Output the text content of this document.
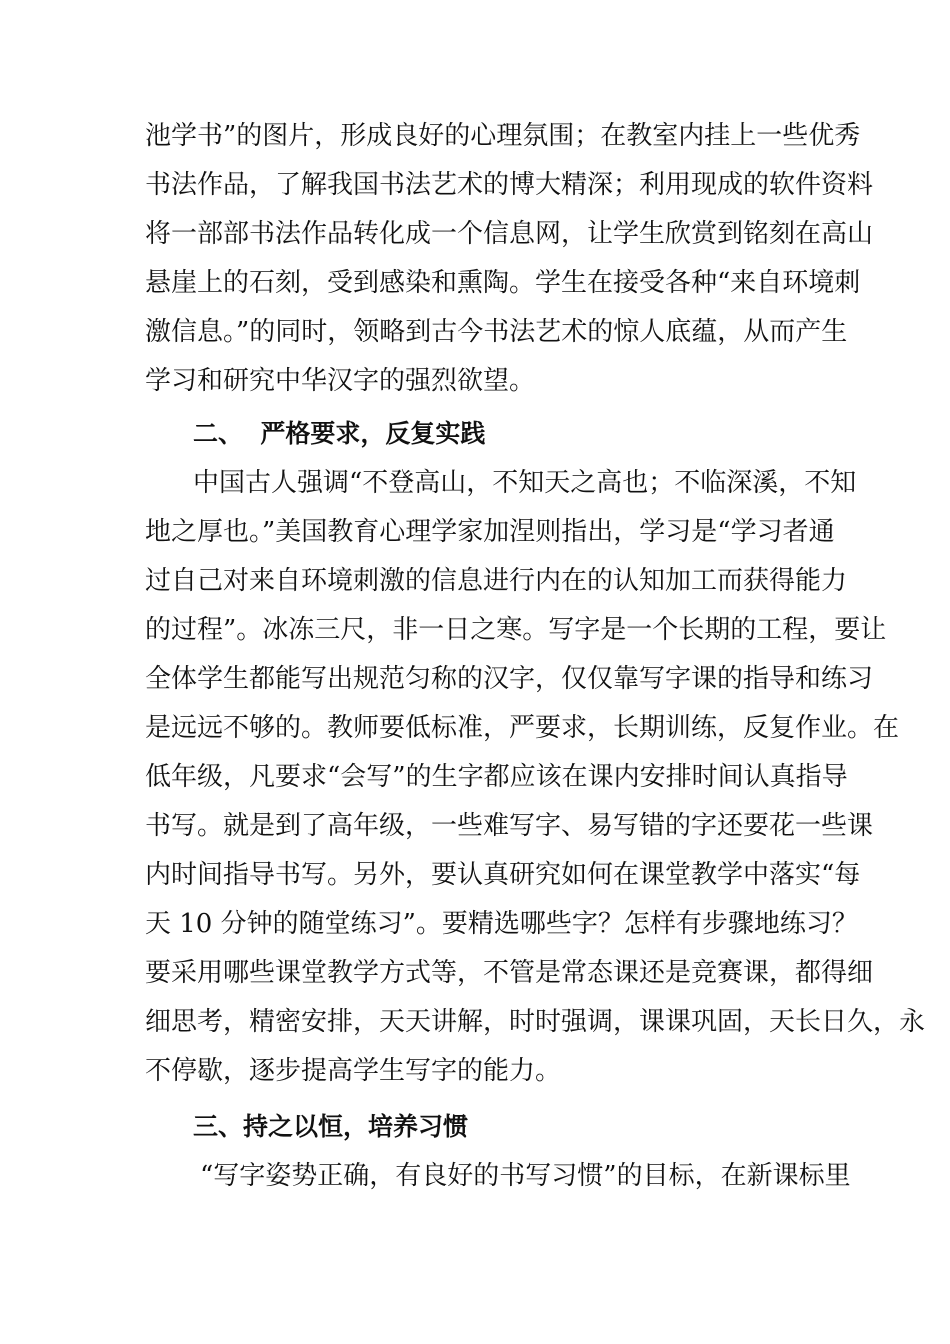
池学书”的图片，形成良好的心理氛围；在教室内挂上一些优秀
书法作品，了解我国书法艺术的博大精深；利用现成的软件资料
将一部部书法作品转化成一个信息网，让学生欣赏到铭刻在高山
悬崖上的石刻，受到感染和熏陶。学生在接受各种“来自环境刺
激信息。”的同时，领略到古今书法艺术的惊人底蕴，从而产生
学习和研究中华汉字的强烈欲望。
二、  严格要求，反复实践
中国古人强调“不登高山，不知天之高也；不临深溪，不知
地之厚也。”美国教育心理学家加涅则指出，学习是“学习者通
过自己对来自环境刺激的信息进行内在的认知加工而获得能力
的过程”。冰冻三尺，非一日之寒。写字是一个长期的工程，要让
全体学生都能写出规范匀称的汉字，仅仅靠写字课的指导和练习
是远远不够的。教师要低标准，严要求，长期训练，反复作业。在
低年级，凡要求“会写”的生字都应该在课内安排时间认真指导
书写。就是到了高年级，一些难写字、易写错的字还要花一些课
内时间指导书写。另外，要认真研究如何在课堂教学中落实“每
天 10 分钟的随堂练习”。要精选哪些字？怎样有步骤地练习？
要采用哪些课堂教学方式等，不管是常态课还是竞赛课，都得细
细思考，精密安排，天天讲解，时时强调，课课巩固，天长日久，永
不停歇，逐步提高学生写字的能力。
三、持之以恒，培养习惯
“写字姿势正确，有良好的书写习惯”的目标，在新课标里
